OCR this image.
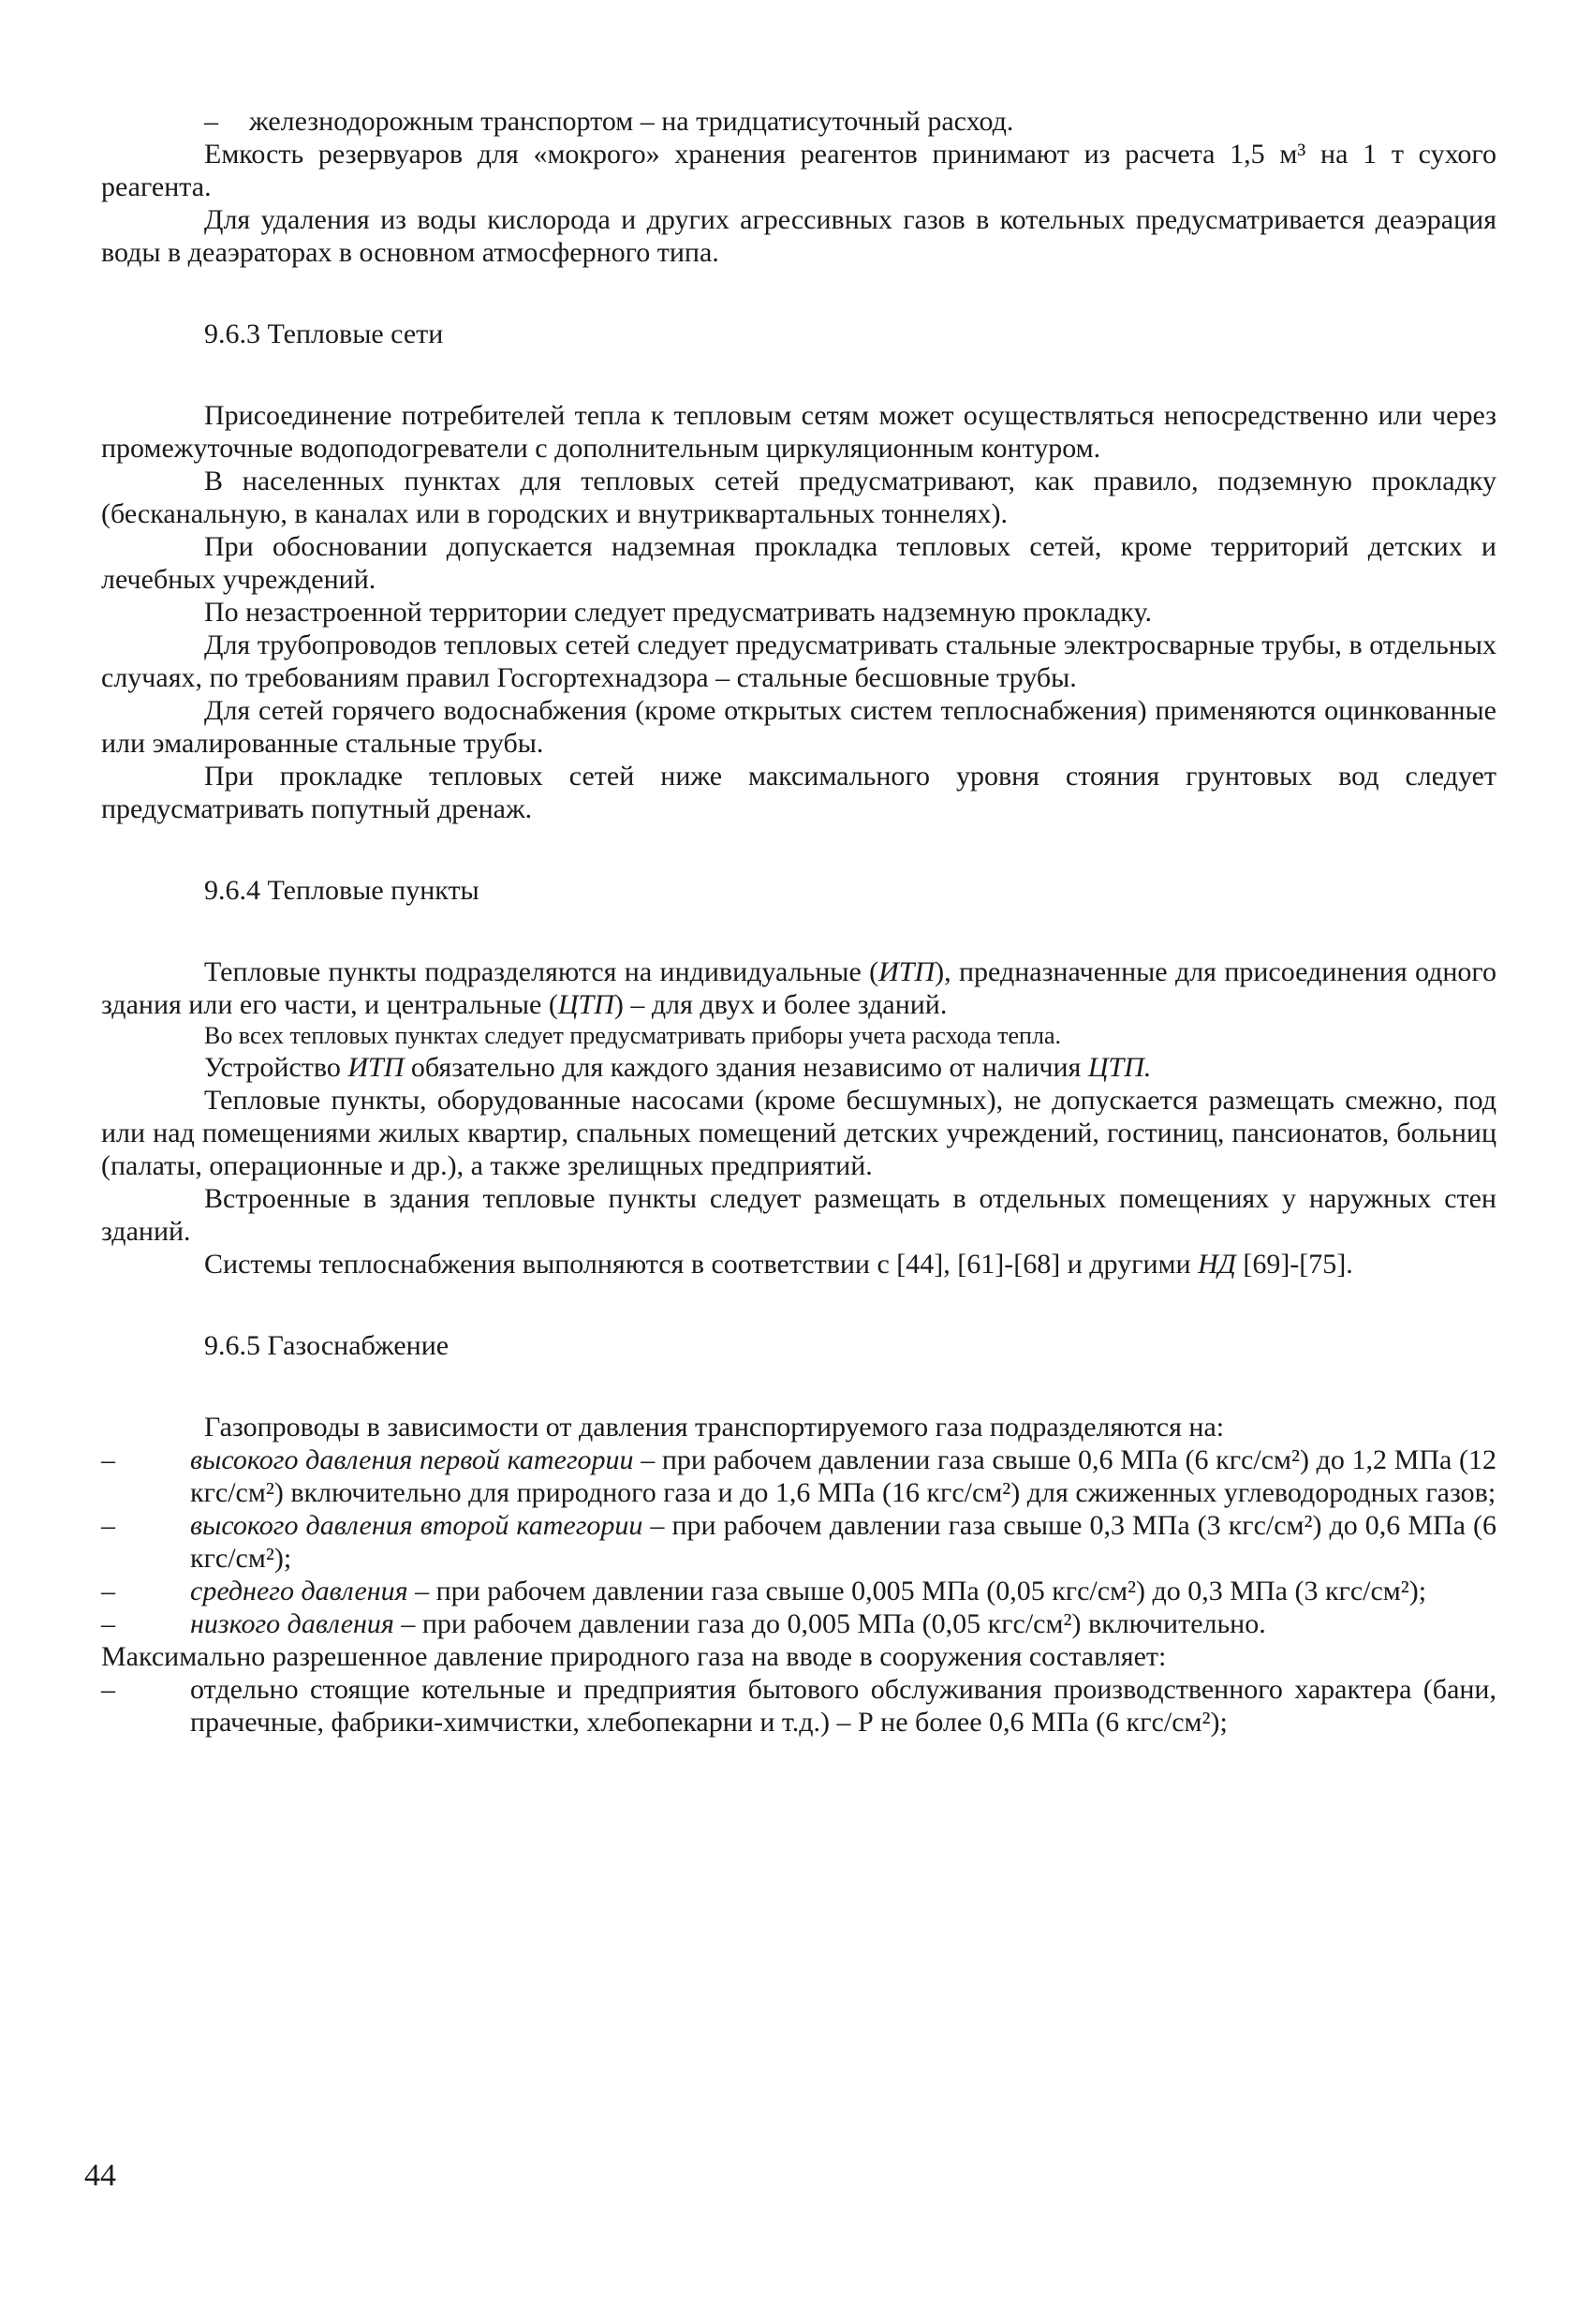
– железнодорожным транспортом – на тридцатисуточный расход.

Емкость резервуаров для «мокрого» хранения реагентов принимают из расчета 1,5 м³ на 1 т сухого реагента.

Для удаления из воды кислорода и других агрессивных газов в котельных предусматривается деаэрация воды в деаэраторах в основном атмосферного типа.

9.6.3 Тепловые сети

Присоединение потребителей тепла к тепловым сетям может осуществляться непосредственно или через промежуточные водоподогреватели с дополнительным циркуляционным контуром.

В населенных пунктах для тепловых сетей предусматривают, как правило, подземную прокладку (бесканальную, в каналах или в городских и внутриквартальных тоннелях).

При обосновании допускается надземная прокладка тепловых сетей, кроме территорий детских и лечебных учреждений.

По незастроенной территории следует предусматривать надземную прокладку.

Для трубопроводов тепловых сетей следует предусматривать стальные электросварные трубы, в отдельных случаях, по требованиям правил Госгортехнадзора – стальные бесшовные трубы.

Для сетей горячего водоснабжения (кроме открытых систем теплоснабжения) применяются оцинкованные или эмалированные стальные трубы.

При прокладке тепловых сетей ниже максимального уровня стояния грунтовых вод следует предусматривать попутный дренаж.

9.6.4 Тепловые пункты

Тепловые пункты подразделяются на индивидуальные (ИТП), предназначенные для присоединения одного здания или его части, и центральные (ЦТП) – для двух и более зданий.

Во всех тепловых пунктах следует предусматривать приборы учета расхода тепла.

Устройство ИТП обязательно для каждого здания независимо от наличия ЦТП.

Тепловые пункты, оборудованные насосами (кроме бесшумных), не допускается размещать смежно, под или над помещениями жилых квартир, спальных помещений детских учреждений, гостиниц, пансионатов, больниц (палаты, операционные и др.), а также зрелищных предприятий.

Встроенные в здания тепловые пункты следует размещать в отдельных помещениях у наружных стен зданий.

Системы теплоснабжения выполняются в соответствии с [44], [61]-[68] и другими НД [69]-[75].

9.6.5 Газоснабжение

Газопроводы в зависимости от давления транспортируемого газа подразделяются на:

–	высокого давления первой категории – при рабочем давлении газа свыше 0,6 МПа (6 кгс/см²) до 1,2 МПа (12 кгс/см²) включительно для природного газа и до 1,6 МПа (16 кгс/см²) для сжиженных углеводородных газов;

–	высокого давления второй категории – при рабочем давлении газа свыше 0,3 МПа (3 кгс/см²) до 0,6 МПа (6 кгс/см²);

–	среднего давления – при рабочем давлении газа свыше 0,005 МПа (0,05 кгс/см²) до 0,3 МПа (3 кгс/см²);

–	низкого давления – при рабочем давлении газа до 0,005 МПа (0,05 кгс/см²) включительно.

Максимально разрешенное давление природного газа на вводе в сооружения составляет:

–	отдельно стоящие котельные и предприятия бытового обслуживания производственного характера (бани, прачечные, фабрики-химчистки, хлебопекарни и т.д.) – Р не более 0,6 МПа (6 кгс/см²);

44
